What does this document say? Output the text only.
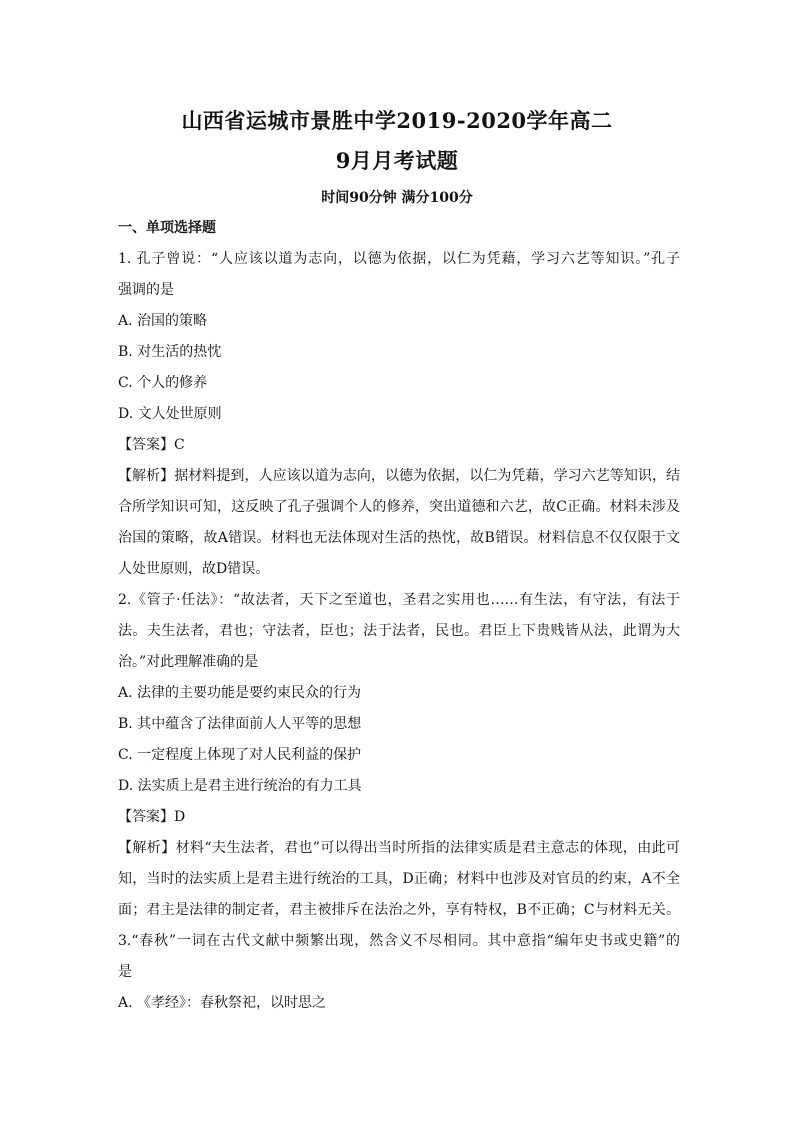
山西省运城市景胜中学2019-2020学年高二
9月月考试题
时间90分钟 满分100分
一、单项选择题
1. 孔子曾说：“人应该以道为志向，以德为依据，以仁为凭藉，学习六艺等知识。”孔子
强调的是
A. 治国的策略
B. 对生活的热忱
C. 个人的修养
D. 文人处世原则
【答案】C
【解析】据材料提到，人应该以道为志向，以德为依据，以仁为凭藉，学习六艺等知识，结
合所学知识可知，这反映了孔子强调个人的修养，突出道德和六艺，故C正确。材料未涉及
治国的策略，故A错误。材料也无法体现对生活的热忱，故B错误。材料信息不仅仅限于文
人处世原则，故D错误。
2.《管子·任法》：“故法者，天下之至道也，圣君之实用也……有生法，有守法，有法于
法。夫生法者，君也；守法者，臣也；法于法者，民也。君臣上下贵贱皆从法，此谓为大
治。”对此理解准确的是
A. 法律的主要功能是要约束民众的行为
B. 其中蕴含了法律面前人人平等的思想
C. 一定程度上体现了对人民利益的保护
D. 法实质上是君主进行统治的有力工具
【答案】D
【解析】材料“夫生法者，君也”可以得出当时所指的法律实质是君主意志的体现，由此可
知，当时的法实质上是君主进行统治的工具，D正确；材料中也涉及对官员的约束，A不全
面；君主是法律的制定者，君主被排斥在法治之外，享有特权，B不正确；C与材料无关。
3.“春秋”一词在古代文献中频繁出现，然含义不尽相同。其中意指“编年史书或史籍”的
是
A. 《孝经》：春秋祭祀，以时思之
